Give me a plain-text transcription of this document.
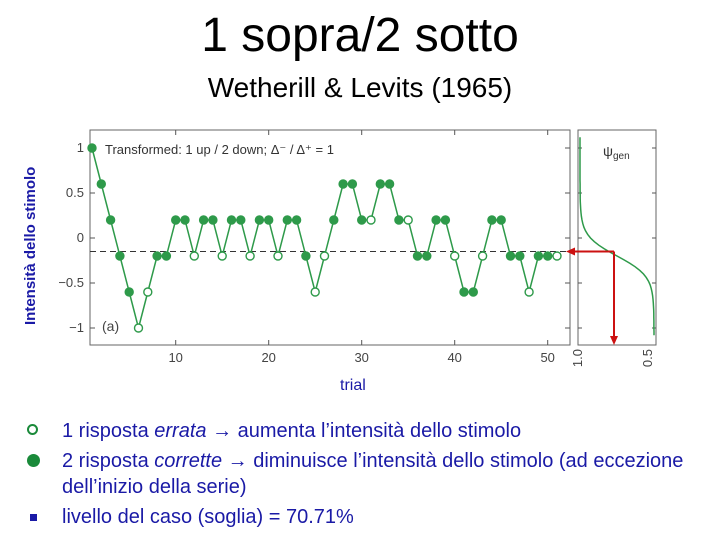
1 sopra/2 sotto
Wetherill & Levits (1965)
Intensità dello stimolo
trial
1
0.5
0
−0.5
−1
10	20	30	40	50
Transformed: 1 up / 2 down; Δ⁻ / Δ⁺ = 1
(a)
$\psi_{gen}$
1.0	0.5
1 risposta errata → aumenta l’intensità dello stimolo
2 risposta corrette → diminuisce l’intensità dello stimolo (ad eccezione dell’inizio della serie)
livello del caso (soglia) = 70.71%
